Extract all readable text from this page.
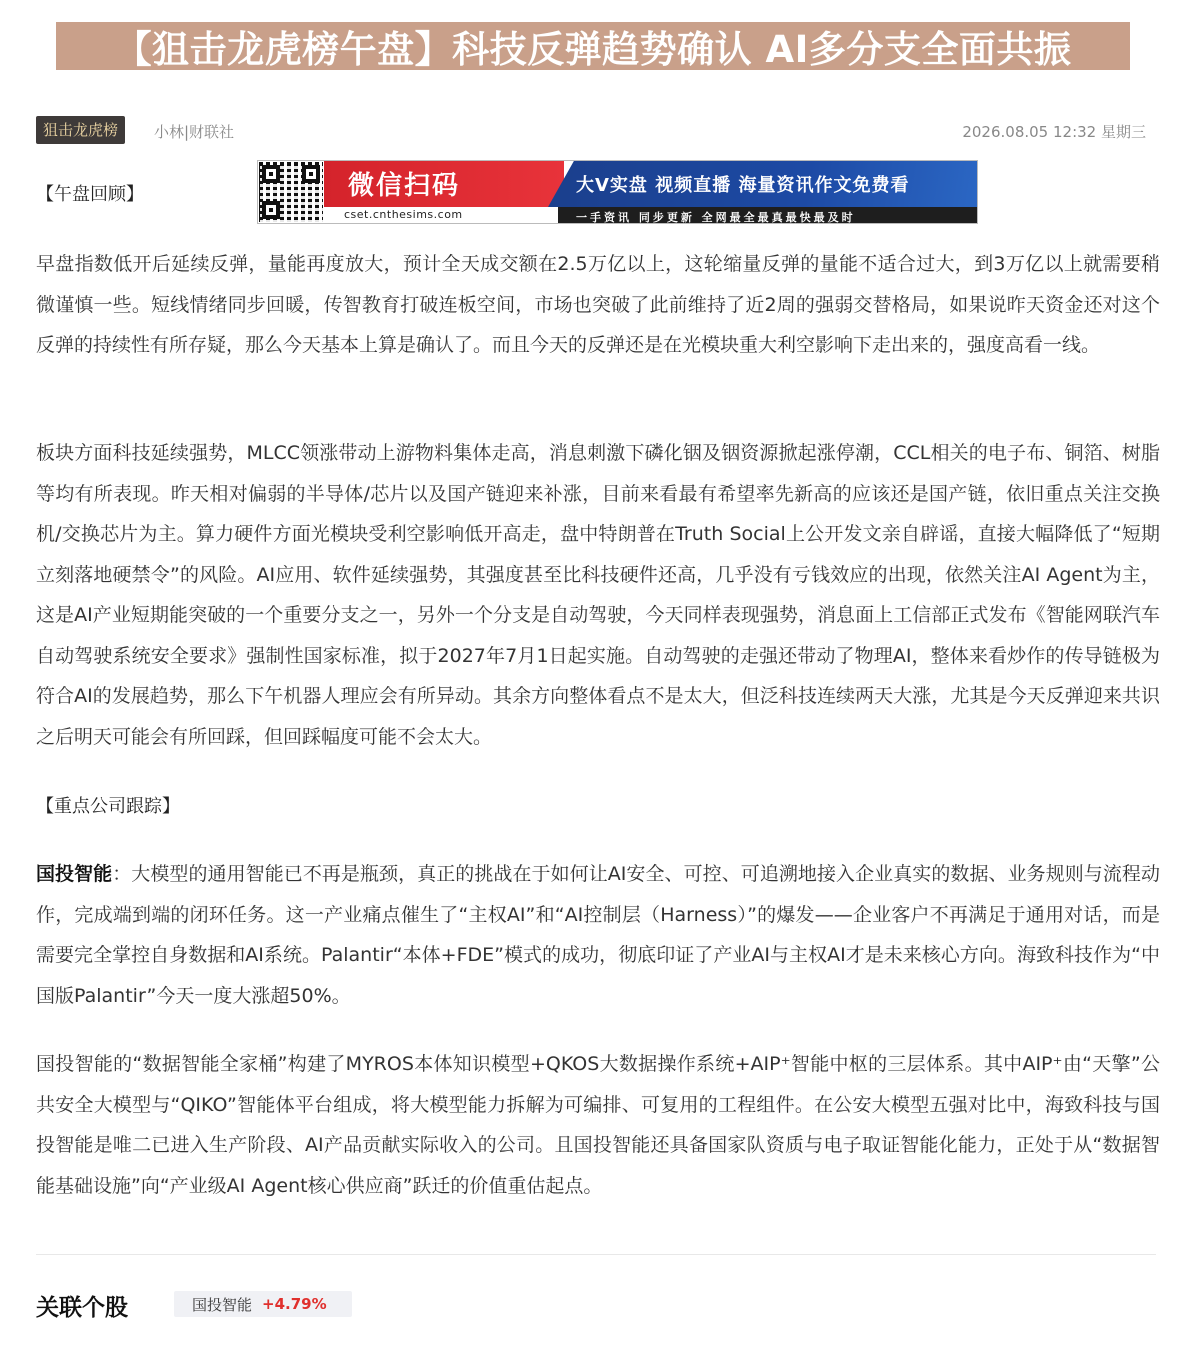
【狙击龙虎榜午盘】科技反弹趋势确认 AI多分支全面共振
狙击龙虎榜	小林|财联社	2026.08.05 12:32 星期三
【午盘回顾】	微信扫码	大V实盘 视频直播 海量资讯作文免费看
cset.cnthesims.com	一手资讯 同步更新 全网最全最真最快最及时

早盘指数低开后延续反弹，量能再度放大，预计全天成交额在2.5万亿以上，这轮缩量反弹的量能不适合过大，到3万亿以上就需要稍微谨慎一些。短线情绪同步回暖，传智教育打破连板空间，市场也突破了此前维持了近2周的强弱交替格局，如果说昨天资金还对这个反弹的持续性有所存疑，那么今天基本上算是确认了。而且今天的反弹还是在光模块重大利空影响下走出来的，强度高看一线。

板块方面科技延续强势，MLCC领涨带动上游物料集体走高，消息刺激下磷化铟及铟资源掀起涨停潮，CCL相关的电子布、铜箔、树脂等均有所表现。昨天相对偏弱的半导体/芯片以及国产链迎来补涨，目前来看最有希望率先新高的应该还是国产链，依旧重点关注交换机/交换芯片为主。算力硬件方面光模块受利空影响低开高走，盘中特朗普在Truth Social上公开发文亲自辟谣，直接大幅降低了“短期立刻落地硬禁令”的风险。AI应用、软件延续强势，其强度甚至比科技硬件还高，几乎没有亏钱效应的出现，依然关注AI Agent为主，这是AI产业短期能突破的一个重要分支之一，另外一个分支是自动驾驶，今天同样表现强势，消息面上工信部正式发布《智能网联汽车自动驾驶系统安全要求》强制性国家标准，拟于2027年7月1日起实施。自动驾驶的走强还带动了物理AI，整体来看炒作的传导链极为符合AI的发展趋势，那么下午机器人理应会有所异动。其余方向整体看点不是太大，但泛科技连续两天大涨，尤其是今天反弹迎来共识之后明天可能会有所回踩，但回踩幅度可能不会太大。

【重点公司跟踪】

国投智能：大模型的通用智能已不再是瓶颈，真正的挑战在于如何让AI安全、可控、可追溯地接入企业真实的数据、业务规则与流程动作，完成端到端的闭环任务。这一产业痛点催生了“主权AI”和“AI控制层（Harness）”的爆发——企业客户不再满足于通用对话，而是需要完全掌控自身数据和AI系统。Palantir“本体+FDE”模式的成功，彻底印证了产业AI与主权AI才是未来核心方向。海致科技作为“中国版Palantir”今天一度大涨超50%。

国投智能的“数据智能全家桶”构建了MYROS本体知识模型+QKOS大数据操作系统+AIP⁺智能中枢的三层体系。其中AIP⁺由“天擎”公共安全大模型与“QIKO”智能体平台组成，将大模型能力拆解为可编排、可复用的工程组件。在公安大模型五强对比中，海致科技与国投智能是唯二已进入生产阶段、AI产品贡献实际收入的公司。且国投智能还具备国家队资质与电子取证智能化能力，正处于从“数据智能基础设施”向“产业级AI Agent核心供应商”跃迁的价值重估起点。

关联个股	国投智能 +4.79%
